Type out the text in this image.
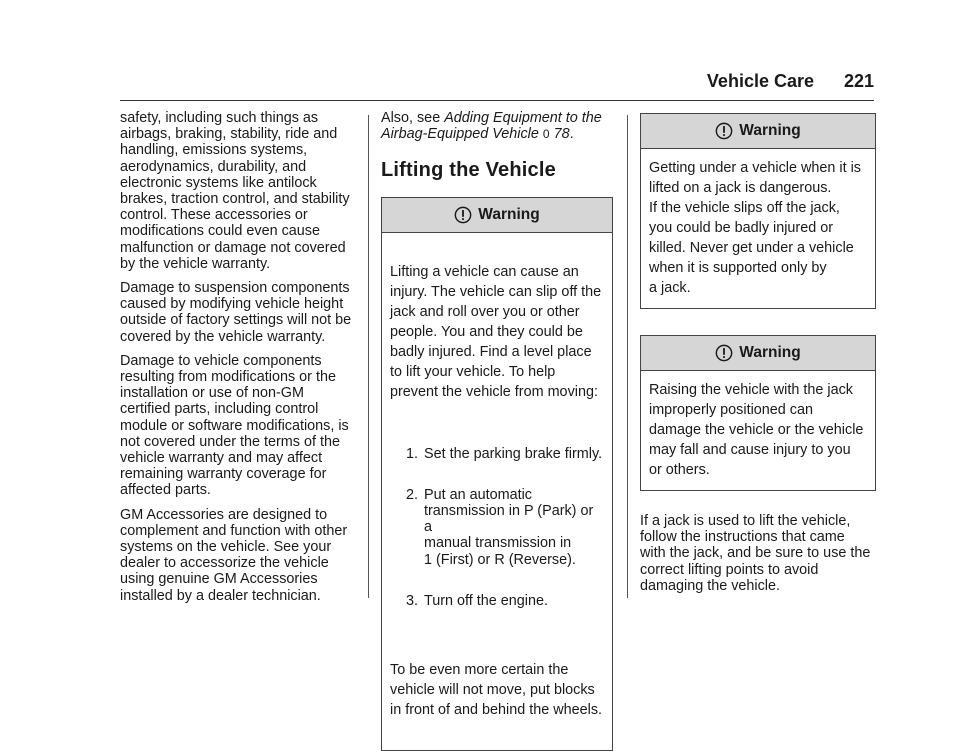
Vehicle Care 221

safety, including such things as
airbags, braking, stability, ride and
handling, emissions systems,
aerodynamics, durability, and
electronic systems like antilock
brakes, traction control, and stability
control. These accessories or
modifications could even cause
malfunction or damage not covered
by the vehicle warranty.

Damage to suspension components
caused by modifying vehicle height
outside of factory settings will not be
covered by the vehicle warranty.

Damage to vehicle components
resulting from modifications or the
installation or use of non-GM
certified parts, including control
module or software modifications, is
not covered under the terms of the
vehicle warranty and may affect
remaining warranty coverage for
affected parts.

GM Accessories are designed to
complement and function with other
systems on the vehicle. See your
dealer to accessorize the vehicle
using genuine GM Accessories
installed by a dealer technician.

Also, see Adding Equipment to the
Airbag-Equipped Vehicle 0 78.

Lifting the Vehicle
Warning

Lifting a vehicle can cause an
injury. The vehicle can slip off the
jack and roll over you or other
people. You and they could be
badly injured. Find a level place
to lift your vehicle. To help
prevent the vehicle from moving:

1. Set the parking brake firmly.

2. Put an automatic
transmission in P (Park) or a
manual transmission in
1 (First) or R (Reverse).

3. Turn off the engine.

To be even more certain the
vehicle will not move, put blocks
in front of and behind the wheels.

Warning
Getting under a vehicle when it is
lifted on a jack is dangerous.
If the vehicle slips off the jack,
you could be badly injured or
killed. Never get under a vehicle
when it is supported only by
a jack.
Warning
Raising the vehicle with the jack
improperly positioned can
damage the vehicle or the vehicle
may fall and cause injury to you
or others.

If a jack is used to lift the vehicle,
follow the instructions that came
with the jack, and be sure to use the
correct lifting points to avoid
damaging the vehicle.
